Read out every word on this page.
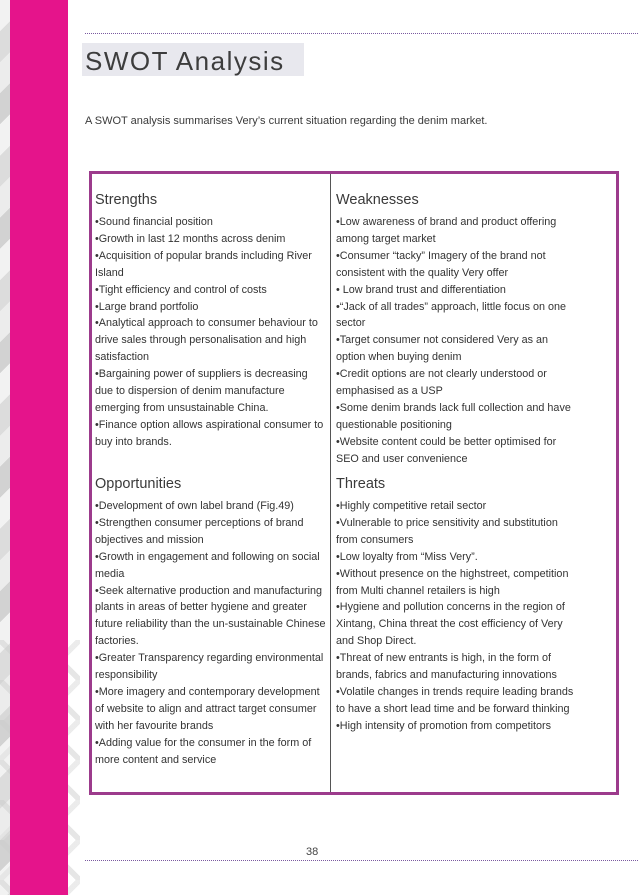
SWOT Analysis
A SWOT analysis summarises Very’s current situation regarding the denim market.
Strengths
•Sound financial position
•Growth in last 12 months across denim
•Acquisition of popular brands including River Island
•Tight efficiency and control of costs
•Large brand portfolio
•Analytical approach to consumer behaviour to drive sales through personalisation and high satisfaction
•Bargaining power of suppliers is decreasing due to dispersion of denim manufacture emerging from unsustainable China.
•Finance option allows aspirational consumer to buy into brands.
Weaknesses
•Low awareness of brand and product offering among target market
•Consumer “tacky” Imagery of the brand not consistent with the quality Very offer
• Low brand trust and differentiation
•“Jack of all trades” approach, little focus on one sector
•Target consumer not considered Very as an option when buying denim
•Credit options are not clearly understood or emphasised as a USP
•Some denim brands lack full collection and have questionable positioning
•Website content could be better optimised for SEO and user convenience
Opportunities
•Development of own label brand (Fig.49)
•Strengthen consumer perceptions of brand objectives and mission
•Growth in engagement and following on social media
•Seek alternative production and manufacturing plants in areas of better hygiene and greater future reliability than the un-sustainable Chinese factories.
•Greater Transparency regarding environmental responsibility
•More imagery and contemporary development of website to align and attract target consumer with her favourite brands
•Adding value for the consumer in the form of more content and service
Threats
•Highly competitive retail sector
•Vulnerable to price sensitivity and substitution from consumers
•Low loyalty from “Miss Very”.
•Without presence on the highstreet, competition from Multi channel retailers is high
•Hygiene and pollution concerns in the region of Xintang, China threat the cost efficiency of Very and Shop Direct.
•Threat of new entrants is high, in the form of brands, fabrics and manufacturing innovations
•Volatile changes in trends require leading brands to have a short lead time and be forward thinking
•High intensity of promotion from competitors
38
